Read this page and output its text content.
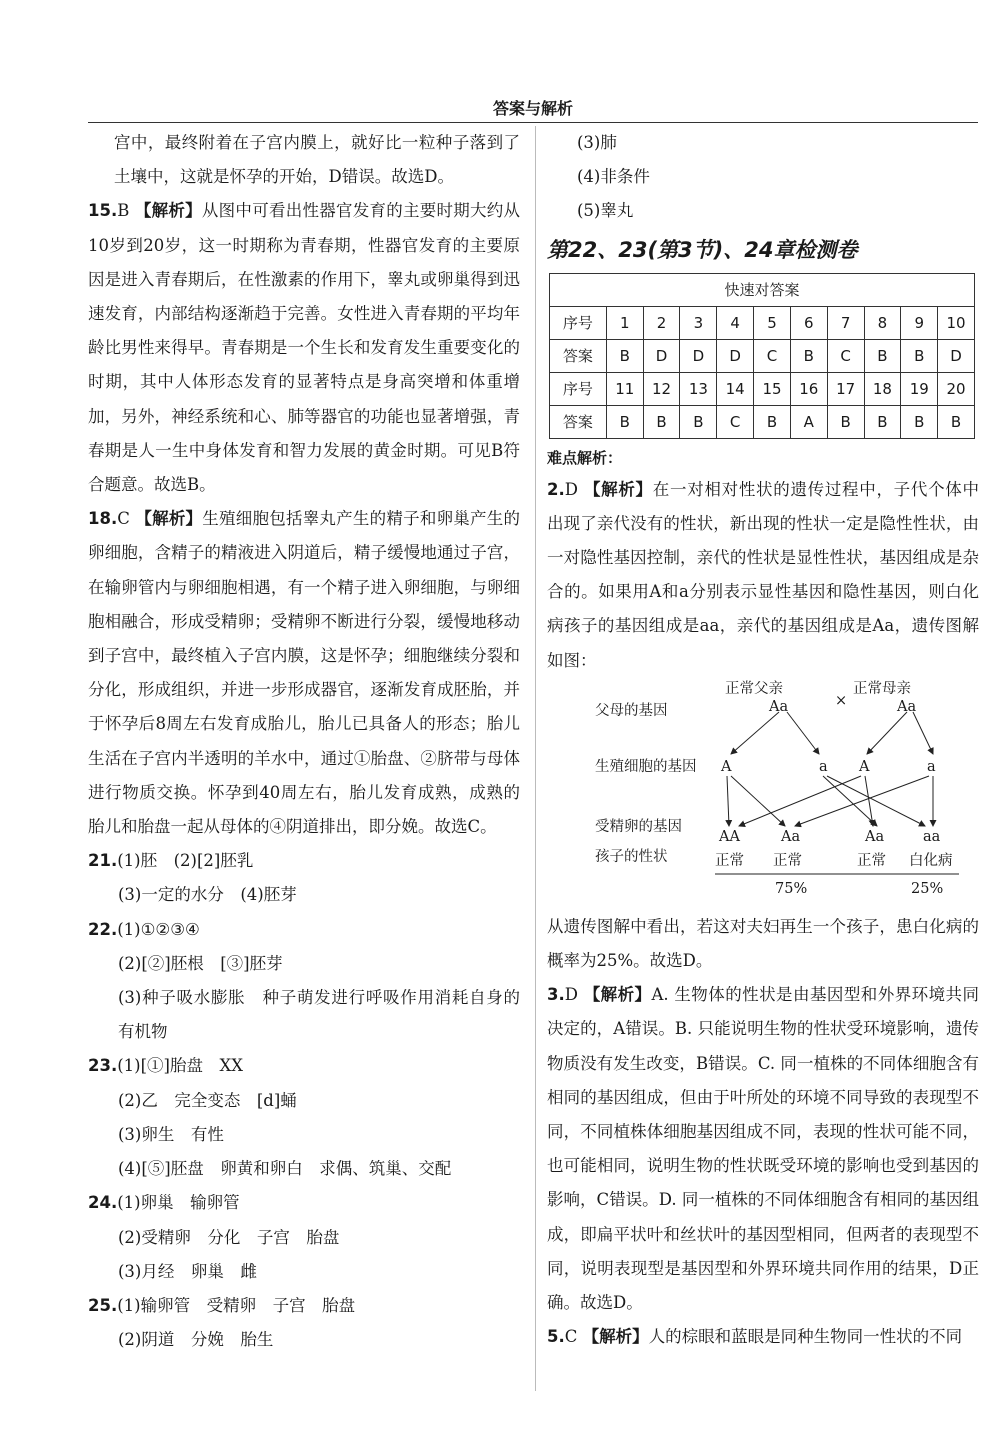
答案与解析

宫中，最终附着在子宫内膜上，就好比一粒种子落到了土壤中，这就是怀孕的开始，D错误。故选D。

15.B 【解析】从图中可看出性器官发育的主要时期大约从10岁到20岁，这一时期称为青春期，性器官发育的主要原因是进入青春期后，在性激素的作用下，睾丸或卵巢得到迅速发育，内部结构逐渐趋于完善。女性进入青春期的平均年龄比男性来得早。青春期是一个生长和发育发生重要变化的时期，其中人体形态发育的显著特点是身高突增和体重增加，另外，神经系统和心、肺等器官的功能也显著增强，青春期是人一生中身体发育和智力发展的黄金时期。可见B符合题意。故选B。

18.C 【解析】生殖细胞包括睾丸产生的精子和卵巢产生的卵细胞，含精子的精液进入阴道后，精子缓慢地通过子宫，在输卵管内与卵细胞相遇，有一个精子进入卵细胞，与卵细胞相融合，形成受精卵；受精卵不断进行分裂，缓慢地移动到子宫中，最终植入子宫内膜，这是怀孕；细胞继续分裂和分化，形成组织，并进一步形成器官，逐渐发育成胚胎，并于怀孕后8周左右发育成胎儿，胎儿已具备人的形态；胎儿生活在子宫内半透明的羊水中，通过①胎盘、②脐带与母体进行物质交换。怀孕到40周左右，胎儿发育成熟，成熟的胎儿和胎盘一起从母体的④阴道排出，即分娩。故选C。

21.(1)胚　(2)[2]胚乳

(3)一定的水分　(4)胚芽

22.(1)①②③④

(2)[②]胚根　[③]胚芽

(3)种子吸水膨胀　种子萌发进行呼吸作用消耗自身的有机物

23.(1)[①]胎盘　XX

(2)乙　完全变态　[d]蛹

(3)卵生　有性

(4)[⑤]胚盘　卵黄和卵白　求偶、筑巢、交配

24.(1)卵巢　输卵管

(2)受精卵　分化　子宫　胎盘

(3)月经　卵巢　雌

25.(1)输卵管　受精卵　子宫　胎盘

(2)阴道　分娩　胎生

(3)肺

(4)非条件

(5)睾丸

第22、23(第3节)、24章检测卷
快速对答案										
序号	1	2	3	4	5	6	7	8	9	10
答案	B	D	D	D	C	B	C	B	B	D
序号	11	12	13	14	15	16	17	18	19	20
答案	B	B	B	C	B	A	B	B	B	B
难点解析：

2.D 【解析】在一对相对性状的遗传过程中，子代个体中出现了亲代没有的性状，新出现的性状一定是隐性性状，由一对隐性基因控制，亲代的性状是显性性状，基因组成是杂合的。如果用A和a分别表示显性基因和隐性基因，则白化病孩子的基因组成是aa，亲代的基因组成是Aa，遗传图解如图：

正常父亲	正常母亲
Aa	Aa
×
父母的基因
生殖细胞的基因
受精卵的基因
孩子的性状
A	a A	a
AA	Aa	Aa	aa
正常 正常	正常 白化病
75%	25%

从遗传图解中看出，若这对夫妇再生一个孩子，患白化病的概率为25%。故选D。

3.D 【解析】A. 生物体的性状是由基因型和外界环境共同决定的，A错误。B. 只能说明生物的性状受环境影响，遗传物质没有发生改变，B错误。C. 同一植株的不同体细胞含有相同的基因组成，但由于叶所处的环境不同导致的表现型不同，不同植株体细胞基因组成不同，表现的性状可能不同，也可能相同，说明生物的性状既受环境的影响也受到基因的影响，C错误。D. 同一植株的不同体细胞含有相同的基因组成，即扁平状叶和丝状叶的基因型相同，但两者的表现型不同，说明表现型是基因型和外界环境共同作用的结果，D正确。故选D。

5.C 【解析】人的棕眼和蓝眼是同种生物同一性状的不同
